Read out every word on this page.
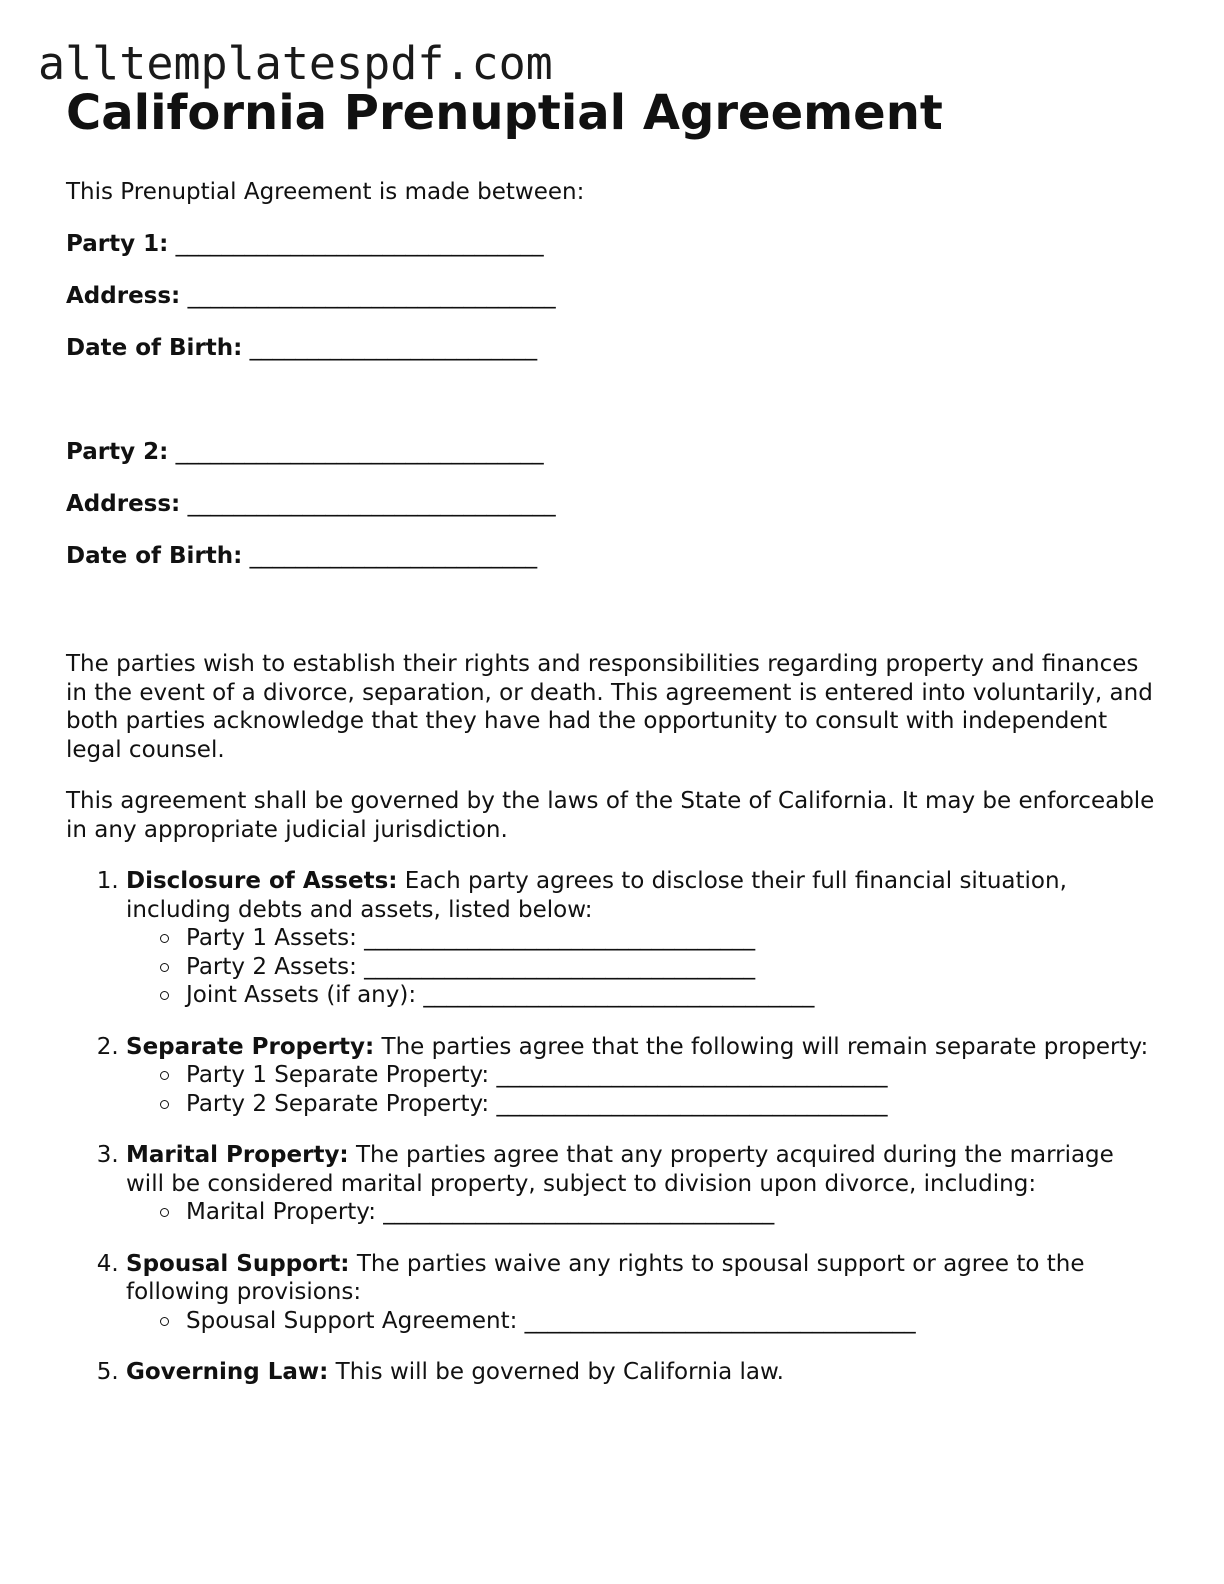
alltemplatespdf.com
California Prenuptial Agreement

This Prenuptial Agreement is made between:

Party 1: ________________________________
Address: ________________________________
Date of Birth: _________________________
Party 2: ________________________________
Address: ________________________________
Date of Birth: _________________________

The parties wish to establish their rights and responsibilities regarding property and finances in the event of a divorce, separation, or death. This agreement is entered into voluntarily, and both parties acknowledge that they have had the opportunity to consult with independent legal counsel.

This agreement shall be governed by the laws of the State of California. It may be enforceable in any appropriate judicial jurisdiction.

1. Disclosure of Assets: Each party agrees to disclose their full financial situation, including debts and assets, listed below:
Party 1 Assets: __________________________________
Party 2 Assets: __________________________________
Joint Assets (if any): __________________________________
2. Separate Property: The parties agree that the following will remain separate property:
Party 1 Separate Property: __________________________________
Party 2 Separate Property: __________________________________
3. Marital Property: The parties agree that any property acquired during the marriage will be considered marital property, subject to division upon divorce, including:
Marital Property: __________________________________
4. Spousal Support: The parties waive any rights to spousal support or agree to the following provisions:
Spousal Support Agreement: __________________________________
5. Governing Law: This will be governed by California law.
